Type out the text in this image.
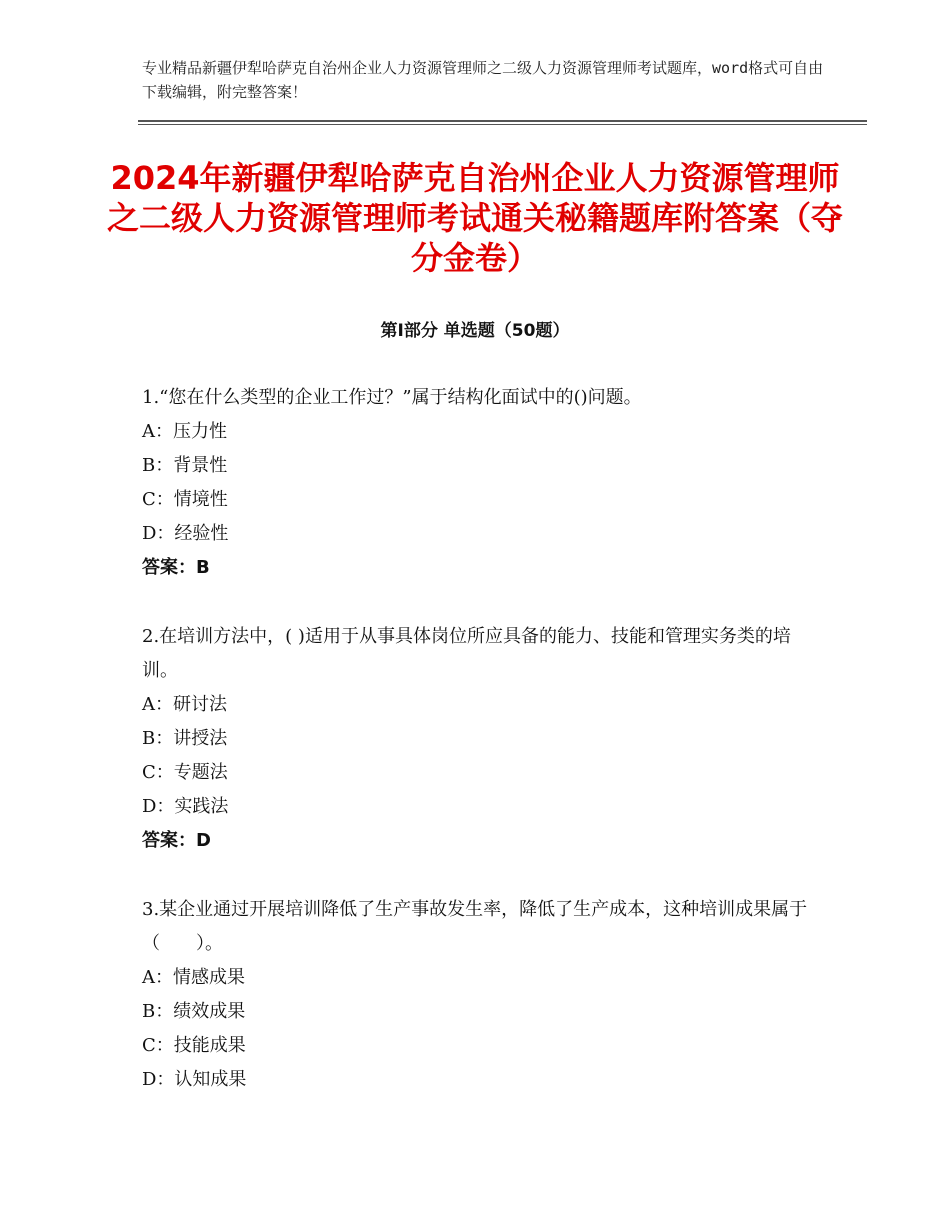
专业精品新疆伊犁哈萨克自治州企业人力资源管理师之二级人力资源管理师考试题库，word格式可自由下载编辑，附完整答案！
2024年新疆伊犁哈萨克自治州企业人力资源管理师之二级人力资源管理师考试通关秘籍题库附答案（夺分金卷）
第Ⅰ部分 单选题（50题）
1.“您在什么类型的企业工作过？”属于结构化面试中的()问题。
A：压力性
B：背景性
C：情境性
D：经验性
答案：B
2.在培训方法中，( )适用于从事具体岗位所应具备的能力、技能和管理实务类的培训。
A：研讨法
B：讲授法
C：专题法
D：实践法
答案：D
3.某企业通过开展培训降低了生产事故发生率，降低了生产成本，这种培训成果属于（　　）。
A：情感成果
B：绩效成果
C：技能成果
D：认知成果
